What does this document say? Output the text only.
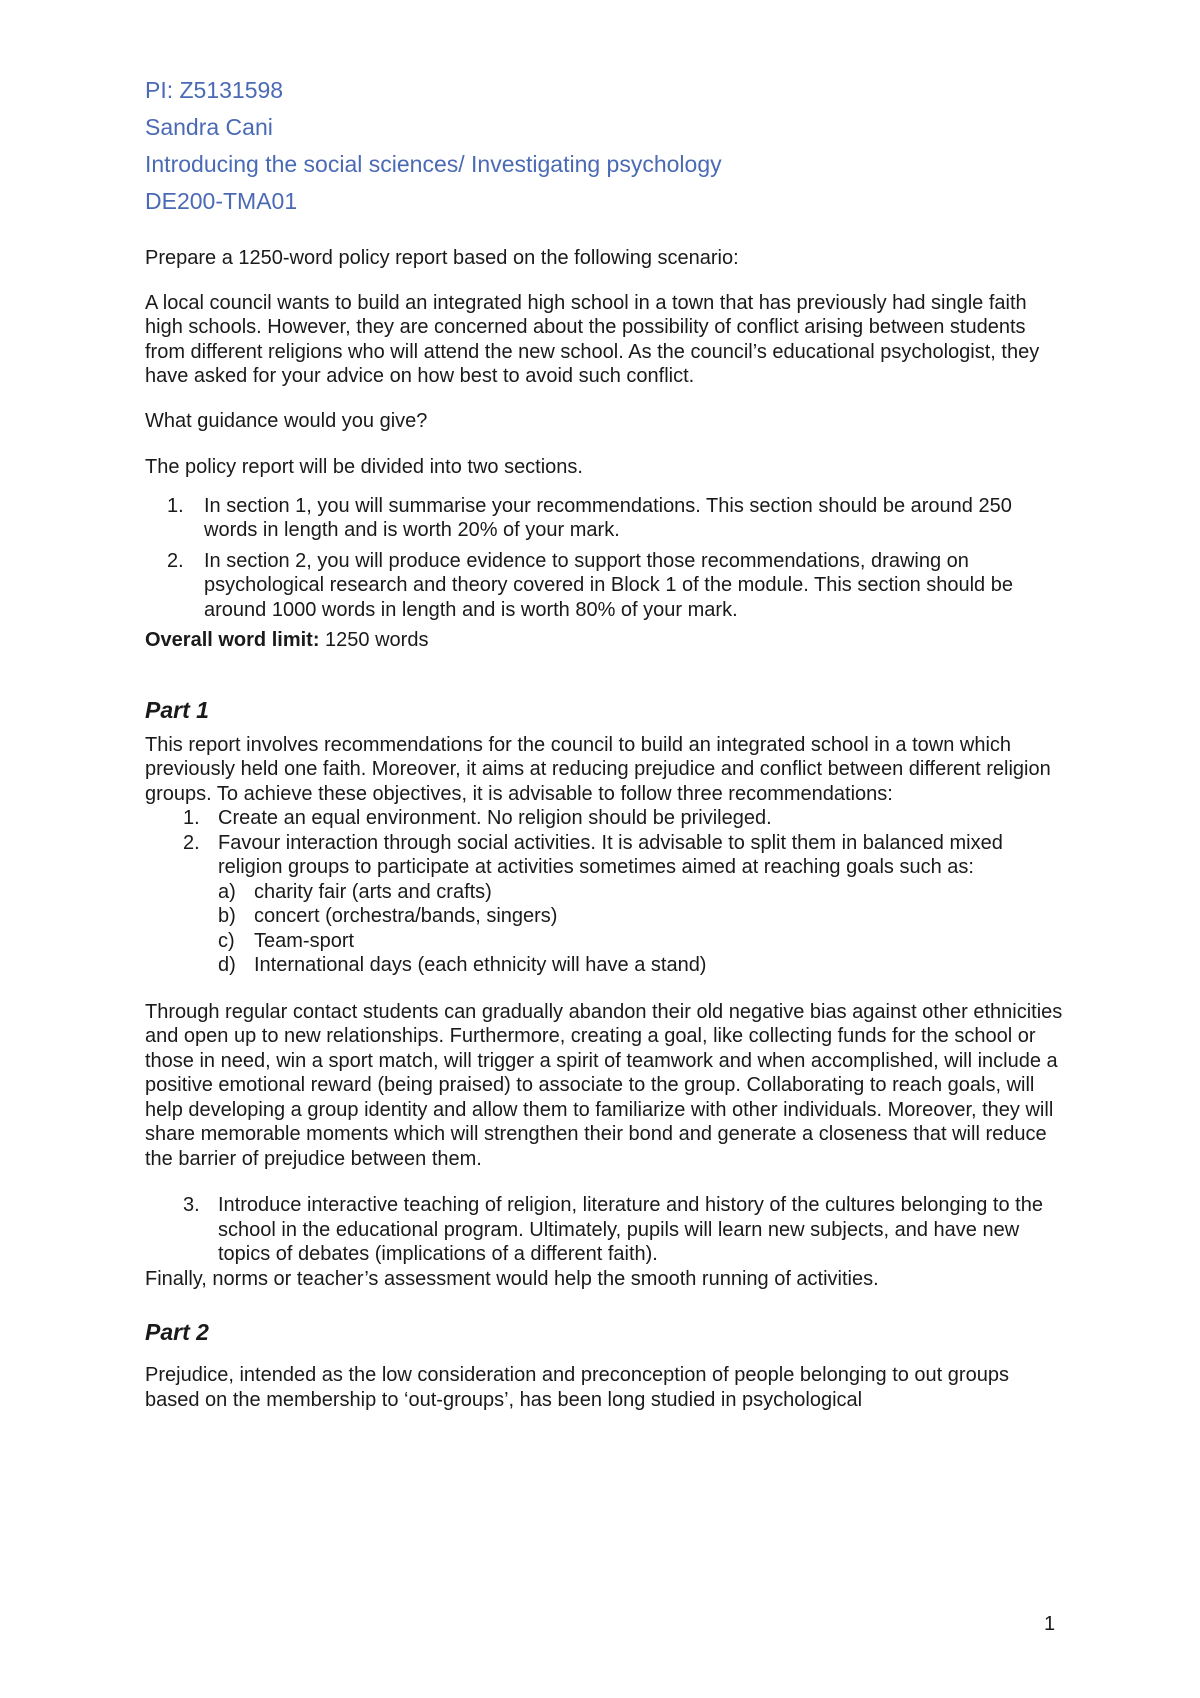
PI: Z5131598
Sandra Cani
Introducing the social sciences/ Investigating psychology
DE200-TMA01

Prepare a 1250-word policy report based on the following scenario:

A local council wants to build an integrated high school in a town that has previously had single faith high schools. However, they are concerned about the possibility of conflict arising between students from different religions who will attend the new school. As the council’s educational psychologist, they have asked for your advice on how best to avoid such conflict.

What guidance would you give?

The policy report will be divided into two sections.

1. In section 1, you will summarise your recommendations. This section should be around 250 words in length and is worth 20% of your mark.
2. In section 2, you will produce evidence to support those recommendations, drawing on psychological research and theory covered in Block 1 of the module. This section should be around 1000 words in length and is worth 80% of your mark.

Overall word limit: 1250 words

Part 1

This report involves recommendations for the council to build an integrated school in a town which previously held one faith. Moreover, it aims at reducing prejudice and conflict between different religion groups. To achieve these objectives, it is advisable to follow three recommendations:

1. Create an equal environment. No religion should be privileged.
2. Favour interaction through social activities. It is advisable to split them in balanced mixed religion groups to participate at activities sometimes aimed at reaching goals such as:
a) charity fair (arts and crafts)
b) concert (orchestra/bands, singers)
c) Team-sport
d) International days (each ethnicity will have a stand)

Through regular contact students can gradually abandon their old negative bias against other ethnicities and open up to new relationships. Furthermore, creating a goal, like collecting funds for the school or those in need, win a sport match, will trigger a spirit of teamwork and when accomplished, will include a positive emotional reward (being praised) to associate to the group. Collaborating to reach goals, will help developing a group identity and allow them to familiarize with other individuals. Moreover, they will share memorable moments which will strengthen their bond and generate a closeness that will reduce the barrier of prejudice between them.

3. Introduce interactive teaching of religion, literature and history of the cultures belonging to the school in the educational program. Ultimately, pupils will learn new subjects, and have new topics of debates (implications of a different faith).

Finally, norms or teacher’s assessment would help the smooth running of activities.

Part 2

Prejudice, intended as the low consideration and preconception of people belonging to out groups based on the membership to ‘out-groups’, has been long studied in psychological

1
